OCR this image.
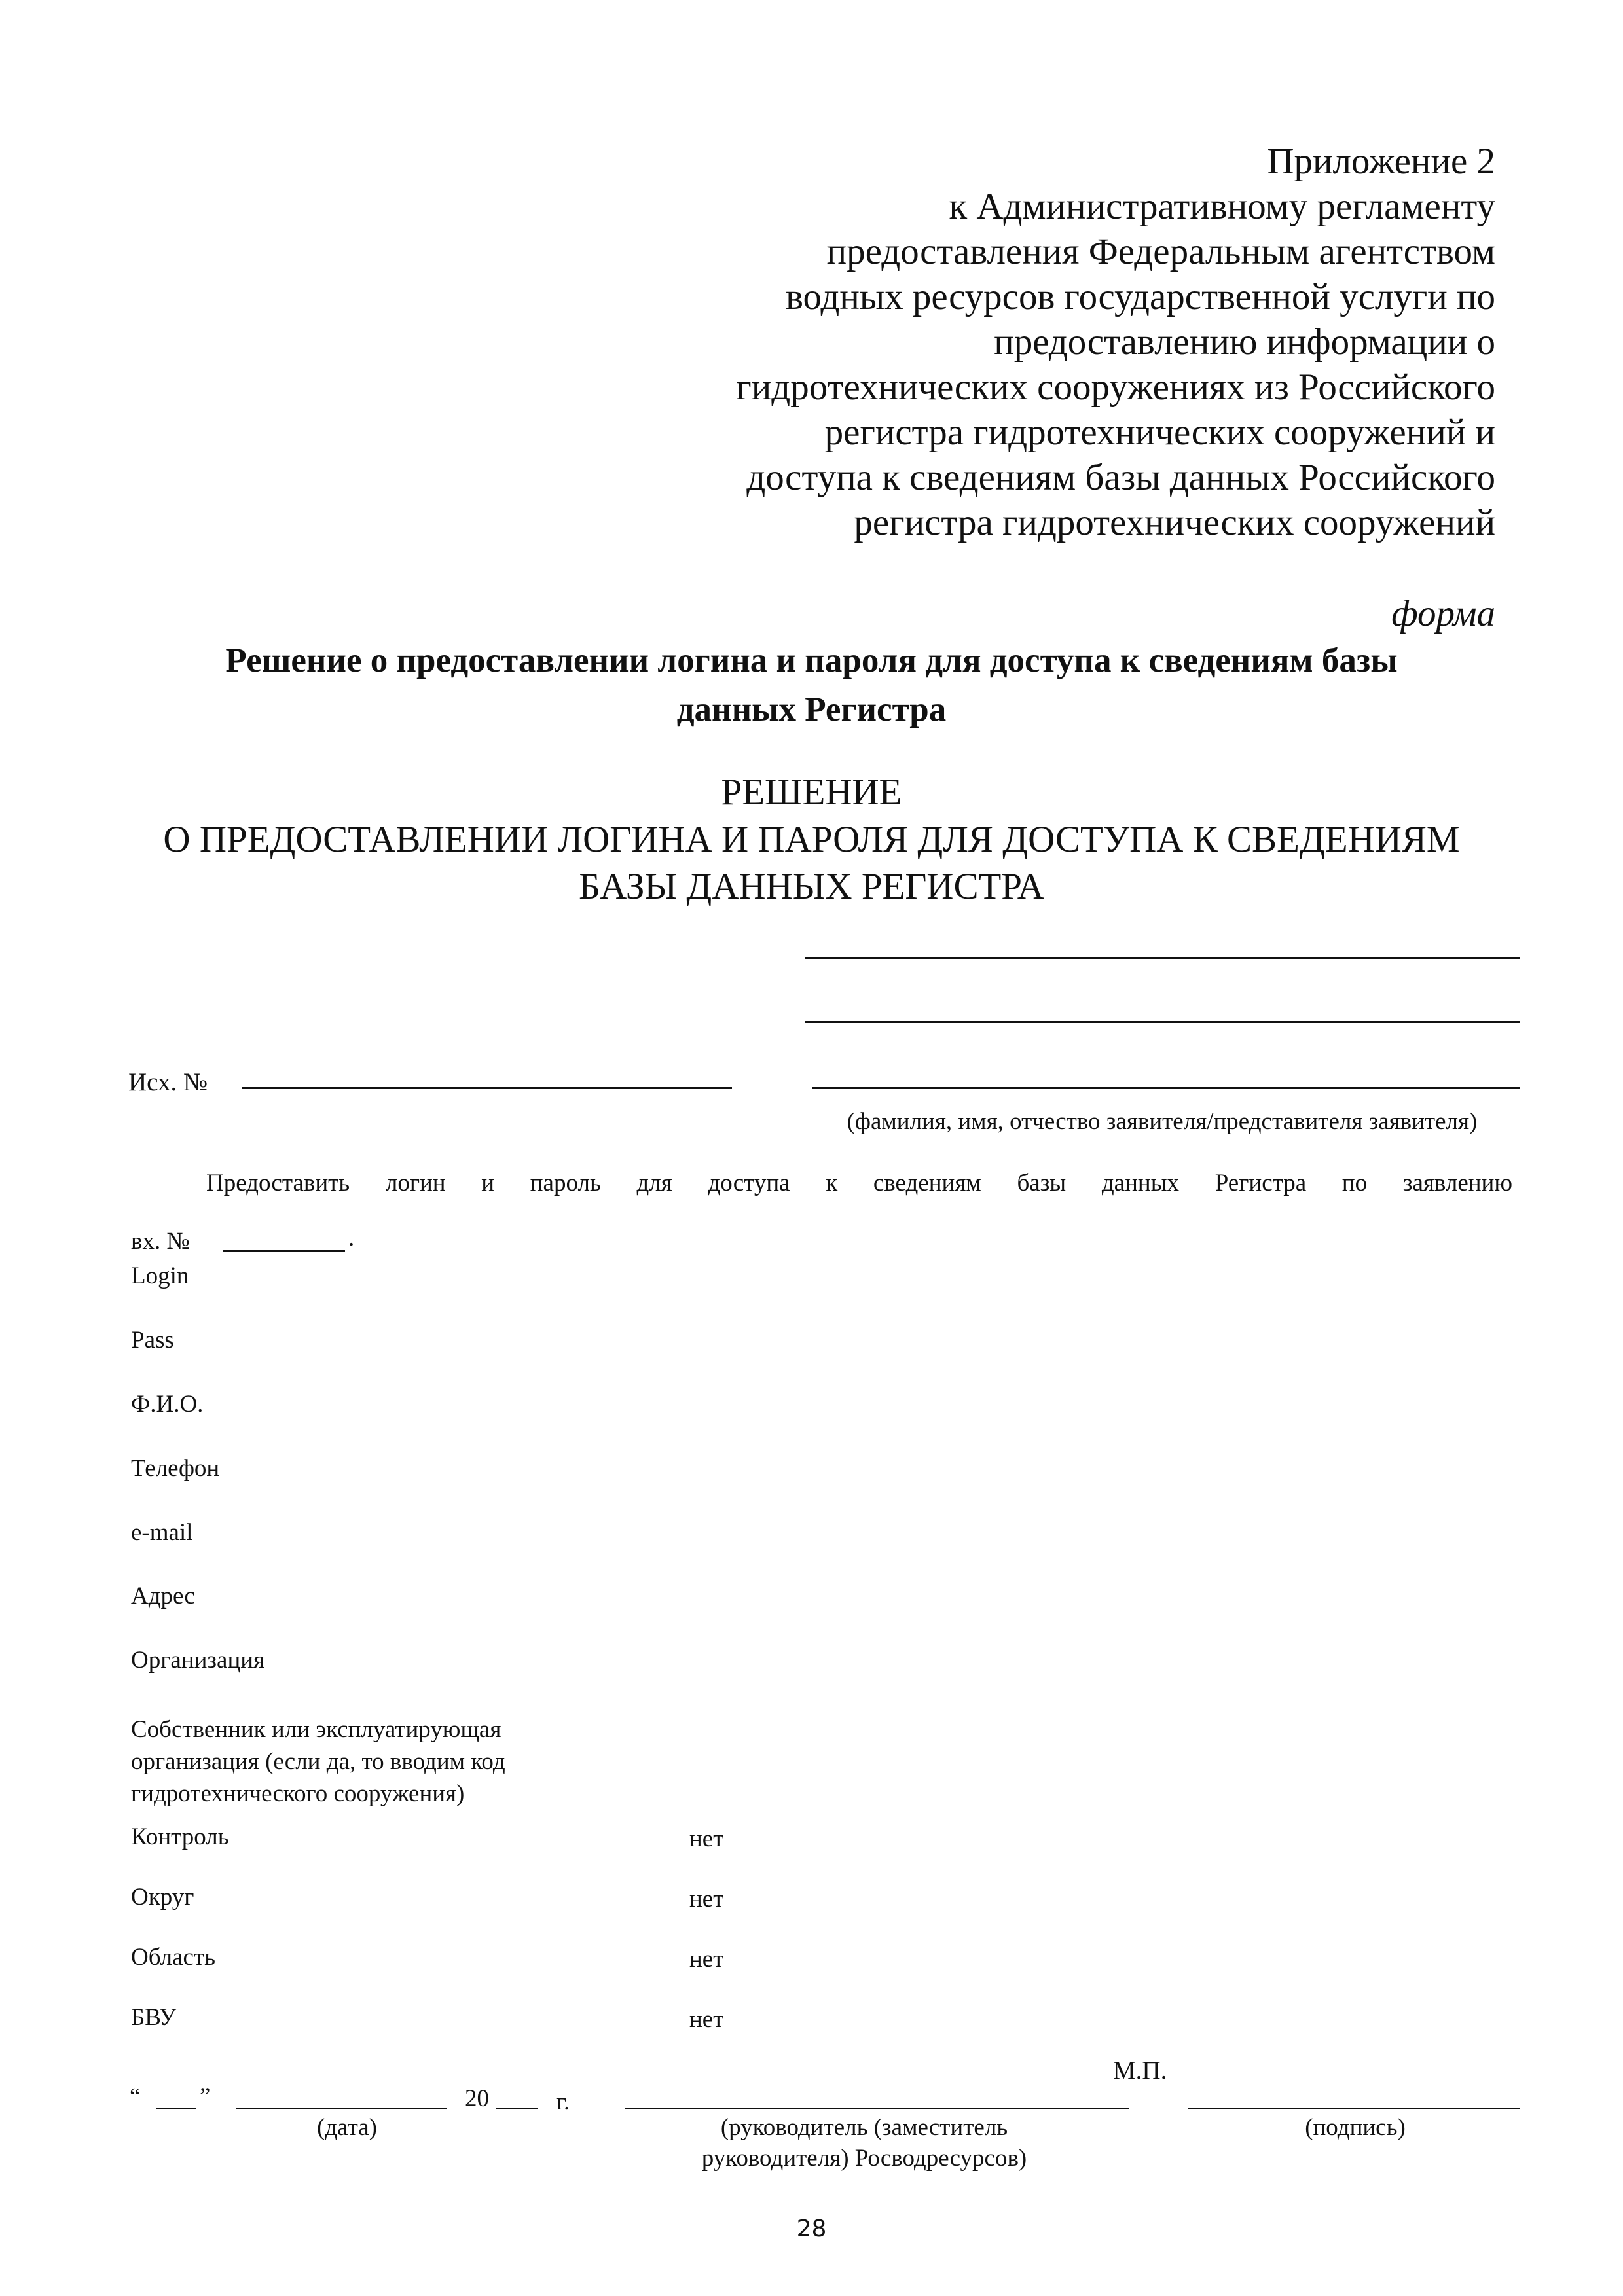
Приложение 2
к Административному регламенту
предоставления Федеральным агентством
водных ресурсов государственной услуги по
предоставлению информации о
гидротехнических сооружениях из Российского
регистра гидротехнических сооружений и
доступа к сведениям базы данных Российского
регистра гидротехнических сооружений
форма
Решение о предоставлении логина и пароля для доступа к сведениям базы
данных Регистра
РЕШЕНИЕ
О ПРЕДОСТАВЛЕНИИ ЛОГИНА И ПАРОЛЯ ДЛЯ ДОСТУПА К СВЕДЕНИЯМ
БАЗЫ ДАННЫХ РЕГИСТРА
Исх. №
(фамилия, имя, отчество заявителя/представителя заявителя)
Предоставить логин и пароль для доступа к сведениям базы данных Регистра по заявлению
вх. №	.
Login
Pass
Ф.И.О.
Телефон
e-mail
Адрес
Организация
Собственник или эксплуатирующая организация (если да, то вводим код гидротехнического сооружения)
Контроль	нет
Округ	нет
Область	нет
БВУ	нет
М.П.
“ ”	20	г.
(дата)	(руководитель (заместитель руководителя) Росводресурсов)
(подпись)
28
